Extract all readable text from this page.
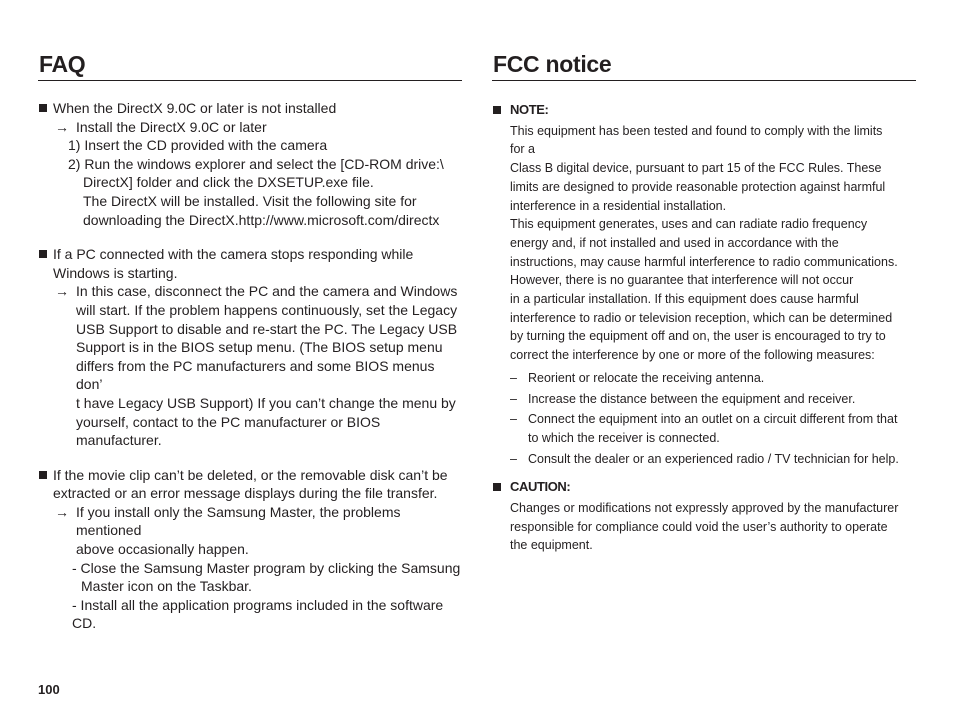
FAQ
When the DirectX 9.0C or later is not installed
→ Install the DirectX 9.0C or later
1) Insert the CD provided with the camera
2) Run the windows explorer and select the [CD-ROM drive:\
DirectX] folder and click the DXSETUP.exe file.
The DirectX will be installed. Visit the following site for
downloading the DirectX.http://www.microsoft.com/directx
If a PC connected with the camera stops responding while
Windows is starting.
→ In this case, disconnect the PC and the camera and Windows
will start. If the problem happens continuously, set the Legacy
USB Support to disable and re-start the PC. The Legacy USB
Support is in the BIOS setup menu. (The BIOS setup menu
differs from the PC manufacturers and some BIOS menus don’
t have Legacy USB Support) If you can’t change the menu by
yourself, contact to the PC manufacturer or BIOS manufacturer.
If the movie clip can’t be deleted, or the removable disk can’t be
extracted or an error message displays during the file transfer.
→ If you install only the Samsung Master, the problems mentioned
above occasionally happen.
- Close the Samsung Master program by clicking the Samsung
Master icon on the Taskbar.
- Install all the application programs included in the software CD.
FCC notice
NOTE:
This equipment has been tested and found to comply with the limits
for a
Class B digital device, pursuant to part 15 of the FCC Rules. These
limits are designed to provide reasonable protection against harmful
interference in a residential installation.
This equipment generates, uses and can radiate radio frequency
energy and, if not installed and used in accordance with the
instructions, may cause harmful interference to radio communications.
However, there is no guarantee that interference will not occur
in a particular installation. If this equipment does cause harmful
interference to radio or television reception, which can be determined
by turning the equipment off and on, the user is encouraged to try to
correct the interference by one or more of the following measures:
– Reorient or relocate the receiving antenna.
– Increase the distance between the equipment and receiver.
– Connect the equipment into an outlet on a circuit different from that
to which the receiver is connected.
– Consult the dealer or an experienced radio / TV technician for help.
CAUTION:
Changes or modifications not expressly approved by the manufacturer
responsible for compliance could void the user’s authority to operate
the equipment.
100
